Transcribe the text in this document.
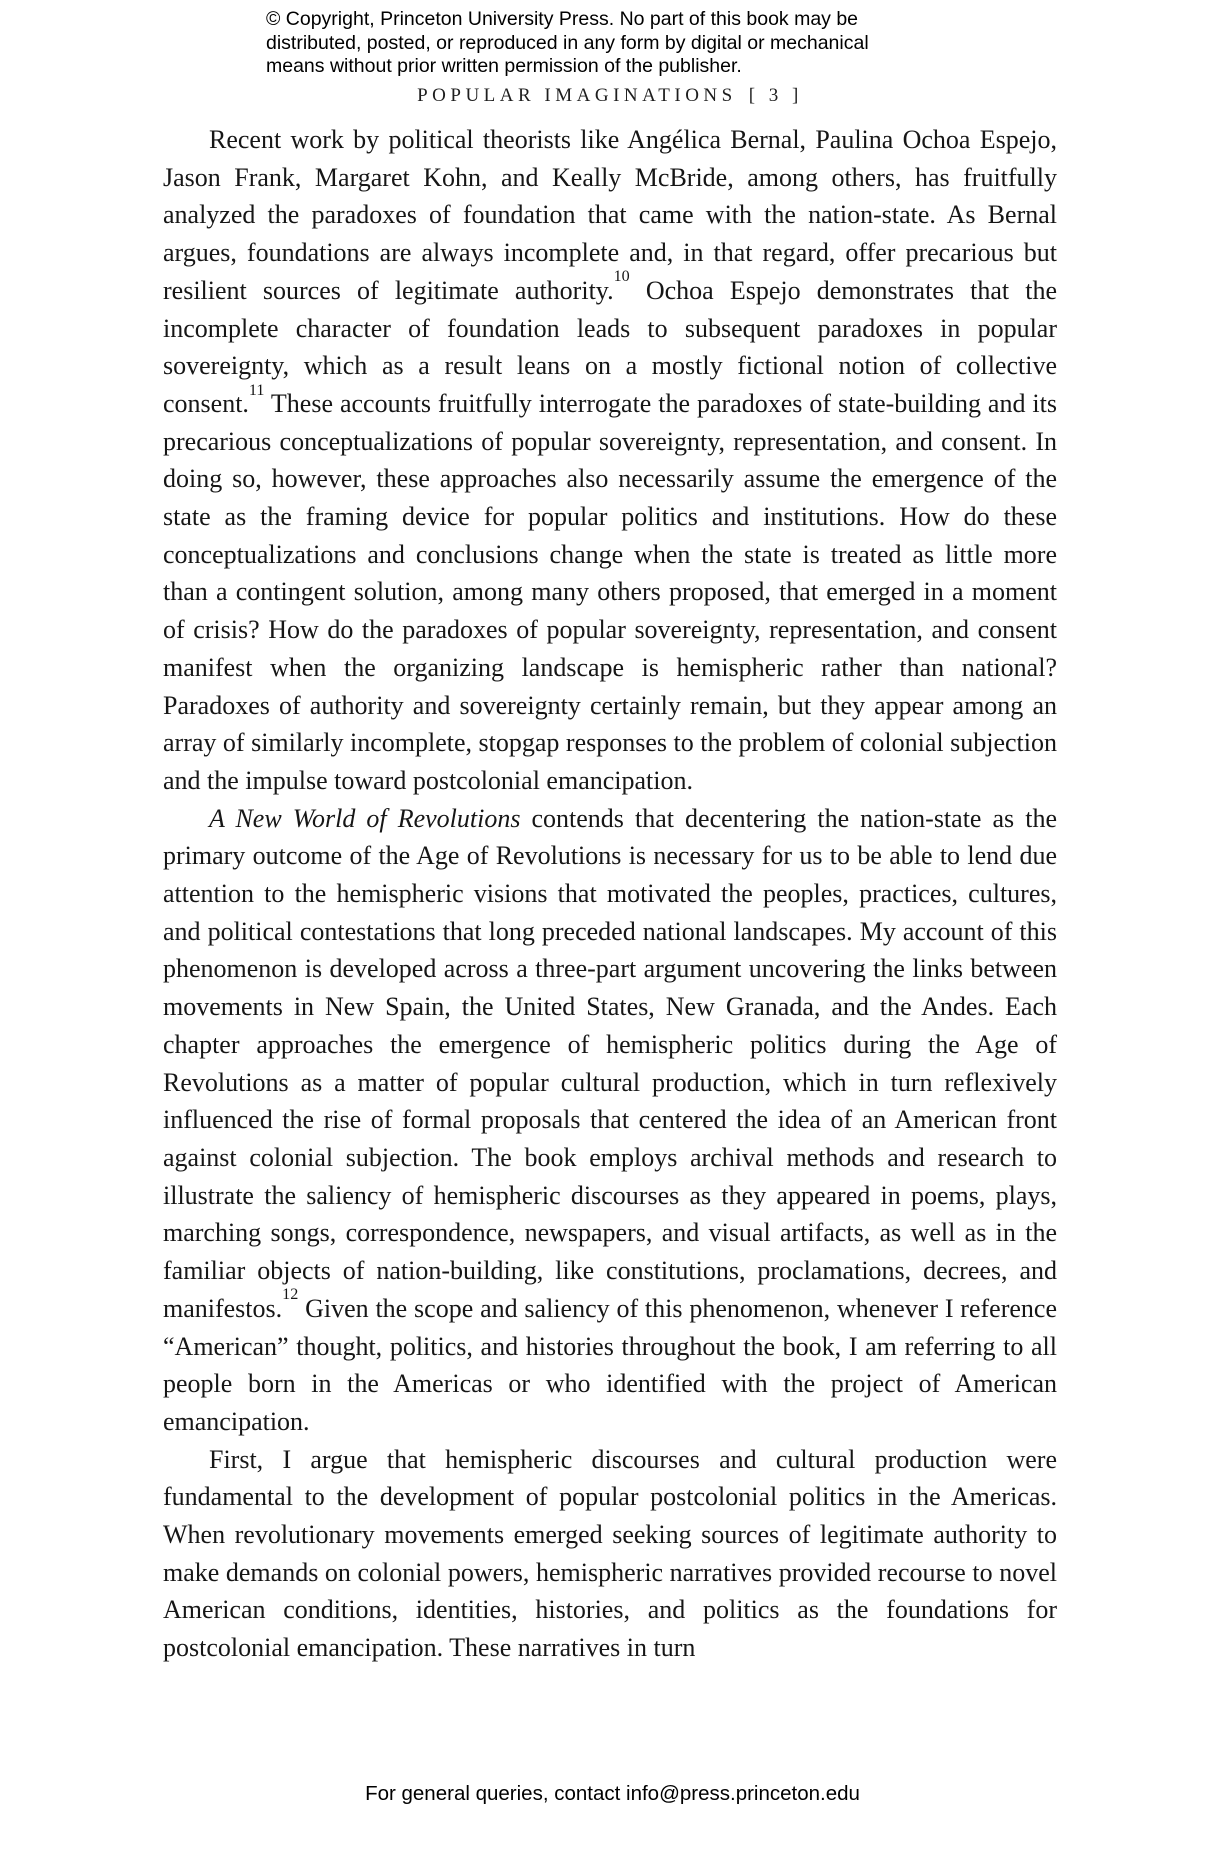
© Copyright, Princeton University Press. No part of this book may be
distributed, posted, or reproduced in any form by digital or mechanical
means without prior written permission of the publisher.
POPULAR IMAGINATIONS [ 3 ]

Recent work by political theorists like Angélica Bernal, Paulina Ochoa Espejo, Jason Frank, Margaret Kohn, and Keally McBride, among others, has fruitfully analyzed the paradoxes of foundation that came with the nation-state. As Bernal argues, foundations are always incomplete and, in that regard, offer precarious but resilient sources of legitimate authority.$^{10}$ Ochoa Espejo demonstrates that the incomplete character of foundation leads to subsequent paradoxes in popular sovereignty, which as a result leans on a mostly fictional notion of collective consent.$^{11}$ These accounts fruitfully interrogate the paradoxes of state-building and its precarious conceptualizations of popular sovereignty, representation, and consent. In doing so, however, these approaches also necessarily assume the emergence of the state as the framing device for popular politics and institutions. How do these conceptualizations and conclusions change when the state is treated as little more than a contingent solution, among many others proposed, that emerged in a moment of crisis? How do the paradoxes of popular sovereignty, representation, and consent manifest when the organizing landscape is hemispheric rather than national? Paradoxes of authority and sovereignty certainly remain, but they appear among an array of similarly incomplete, stopgap responses to the problem of colonial subjection and the impulse toward postcolonial emancipation.

A New World of Revolutions contends that decentering the nation-state as the primary outcome of the Age of Revolutions is necessary for us to be able to lend due attention to the hemispheric visions that motivated the peoples, practices, cultures, and political contestations that long preceded national landscapes. My account of this phenomenon is developed across a three-part argument uncovering the links between movements in New Spain, the United States, New Granada, and the Andes. Each chapter approaches the emergence of hemispheric politics during the Age of Revolutions as a matter of popular cultural production, which in turn reflexively influenced the rise of formal proposals that centered the idea of an American front against colonial subjection. The book employs archival methods and research to illustrate the saliency of hemispheric discourses as they appeared in poems, plays, marching songs, correspondence, newspapers, and visual artifacts, as well as in the familiar objects of nation-building, like constitutions, proclamations, decrees, and manifestos.$^{12}$ Given the scope and saliency of this phenomenon, whenever I reference “American” thought, politics, and histories throughout the book, I am referring to all people born in the Americas or who identified with the project of American emancipation.

First, I argue that hemispheric discourses and cultural production were fundamental to the development of popular postcolonial politics in the Americas. When revolutionary movements emerged seeking sources of legitimate authority to make demands on colonial powers, hemispheric narratives provided recourse to novel American conditions, identities, histories, and politics as the foundations for postcolonial emancipation. These narratives in turn

For general queries, contact info@press.princeton.edu
